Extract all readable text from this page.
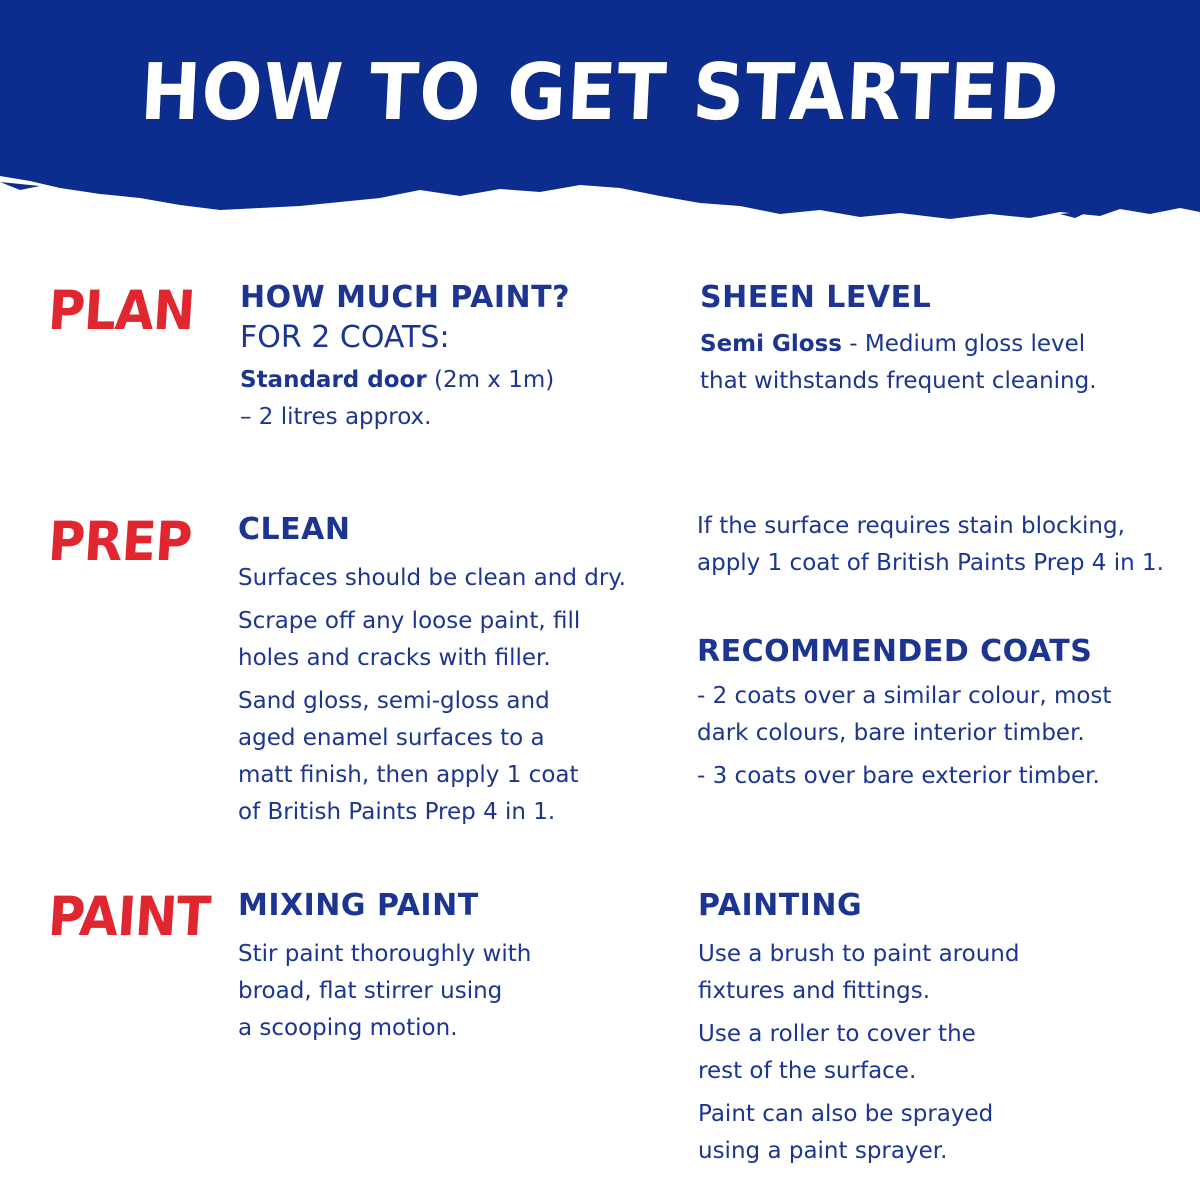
HOW TO GET STARTED
PLAN HOW MUCH PAINT?
FOR 2 COATS:
Standard door (2m x 1m)
– 2 litres approx.
SHEEN LEVEL
Semi Gloss - Medium gloss level
that withstands frequent cleaning.
PREP CLEAN
Surfaces should be clean and dry.
Scrape off any loose paint, fill
holes and cracks with filler.
Sand gloss, semi-gloss and
aged enamel surfaces to a
matt finish, then apply 1 coat
of British Paints Prep 4 in 1.
If the surface requires stain blocking,
apply 1 coat of British Paints Prep 4 in 1.
RECOMMENDED COATS
- 2 coats over a similar colour, most
dark colours, bare interior timber.
- 3 coats over bare exterior timber.
PAINT MIXING PAINT
Stir paint thoroughly with
broad, flat stirrer using
a scooping motion.
PAINTING
Use a brush to paint around
fixtures and fittings.
Use a roller to cover the
rest of the surface.
Paint can also be sprayed
using a paint sprayer.
